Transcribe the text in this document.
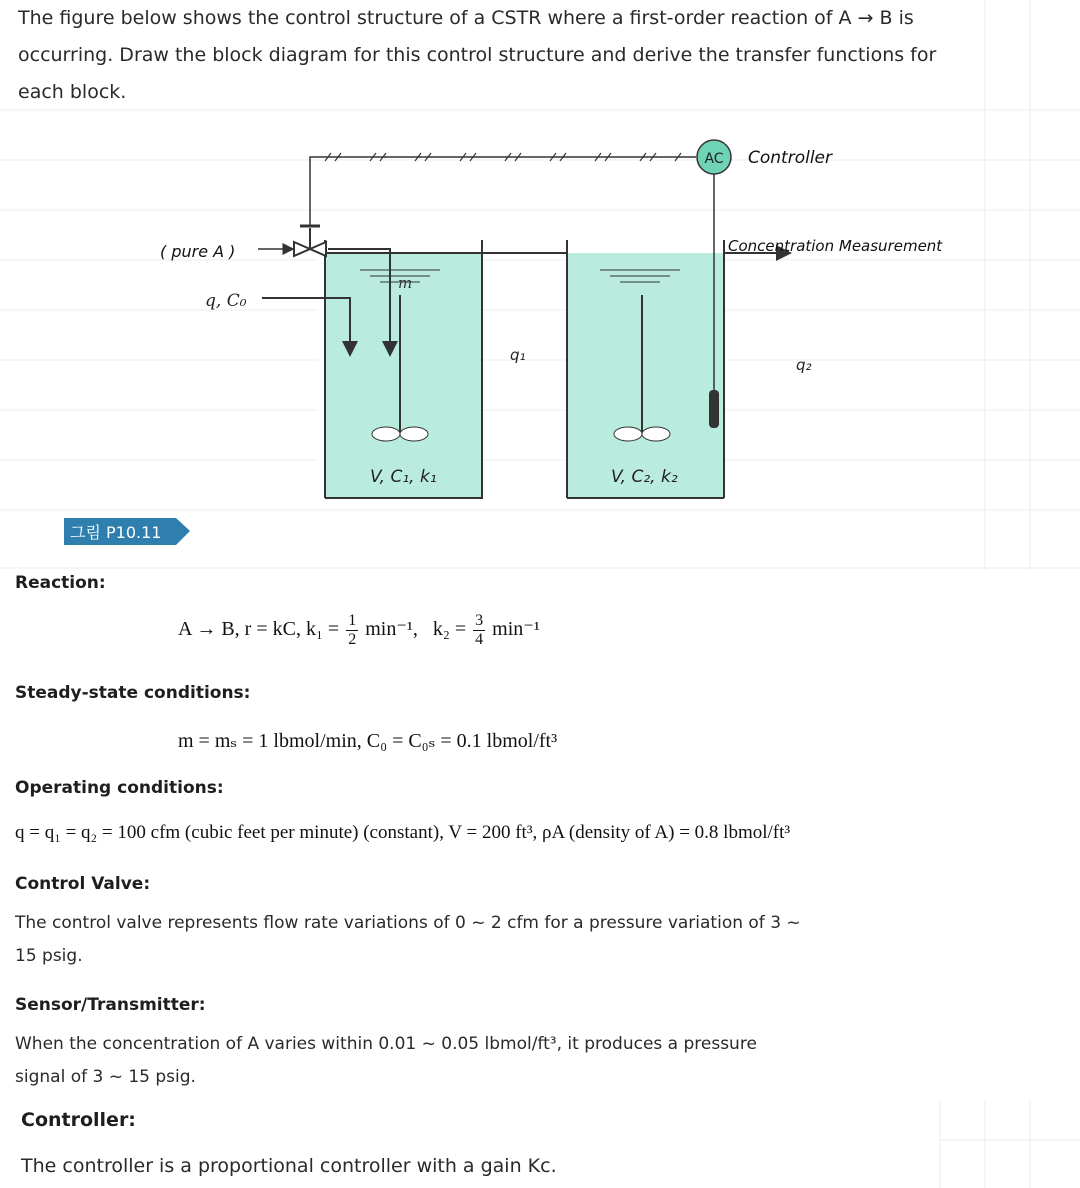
The figure below shows the control structure of a CSTR where a first-order reaction of A → B is
occurring. Draw the block diagram for this control structure and derive the transfer functions for
each block.
V, C₁, k₁	V, C₂, k₂
q₁
q₂
AC Controller
Concentration Measurement
( pure A )
q, C₀
m
그림 P10.11
Reaction:
A → B, r = kC, $k_1 = \frac{1}{2} \min^{-1}$, $k_2 = \frac{3}{4} \min^{-1}$
Steady-state conditions:
m = mₛ = 1 lbmol/min, C₀ = C₀ₛ = 0.1 lbmol/ft³
Operating conditions:
q = q₁ = q₂ = 100 cfm (cubic feet per minute) (constant), V = 200 ft³, ρA (density of A) = 0.8 lbmol/ft³
Control Valve:
The control valve represents flow rate variations of 0 ~ 2 cfm for a pressure variation of 3 ~
15 psig.
Sensor/Transmitter:
When the concentration of A varies within 0.01 ~ 0.05 lbmol/ft³, it produces a pressure
signal of 3 ~ 15 psig.
Controller:
The controller is a proportional controller with a gain Kc.
